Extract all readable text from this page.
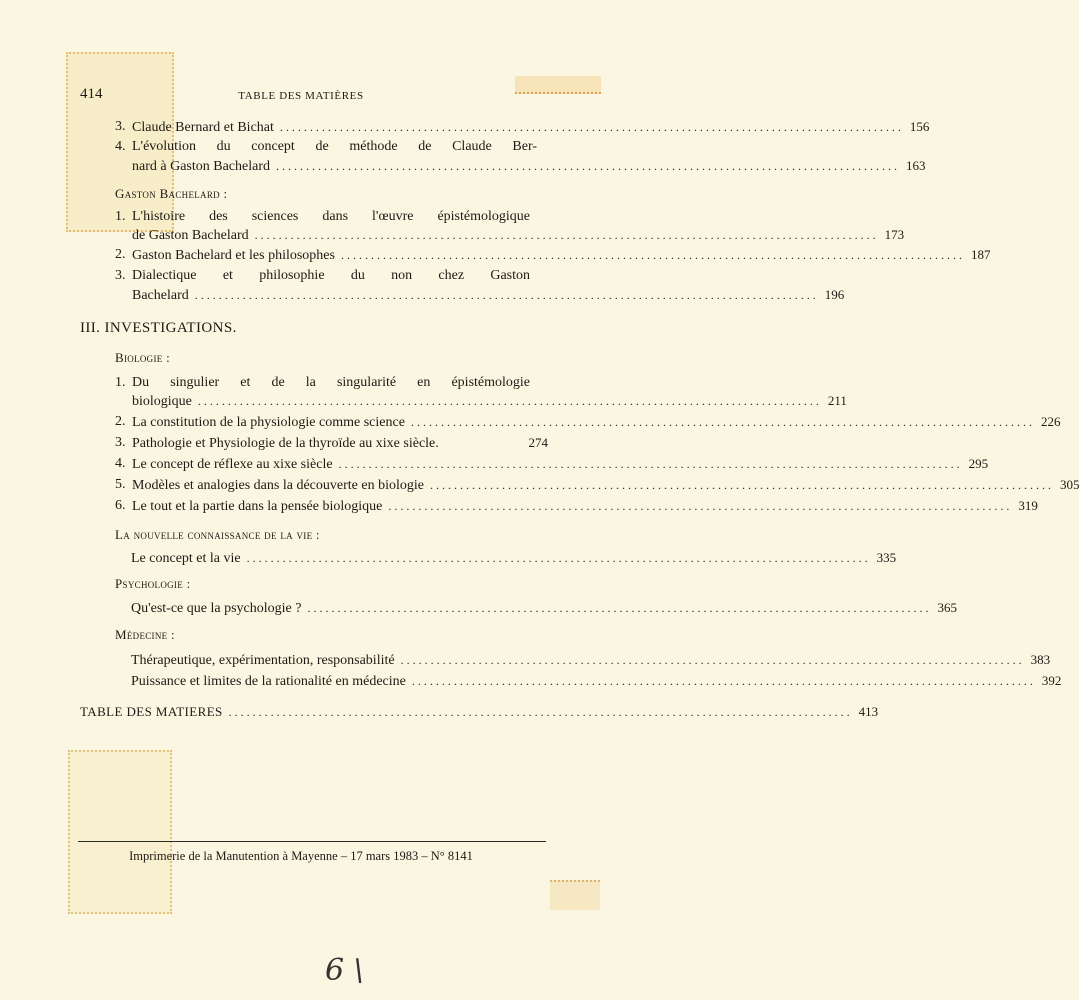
414	TABLE DES MATIÈRES
3. Claude Bernard et Bichat ........................................................................................................ 156
4. L'évolution du concept de méthode de Claude Ber-
nard à Gaston Bachelard ........................................................................................................ 163
Gaston Bachelard :
1. L'histoire des sciences dans l'œuvre épistémologique
de Gaston Bachelard ........................................................................................................ 173
2. Gaston Bachelard et les philosophes ........................................................................................................ 187
3. Dialectique et philosophie du non chez Gaston
Bachelard ........................................................................................................ 196
III. INVESTIGATIONS.
Biologie :
1. Du singulier et de la singularité en épistémologie
biologique ........................................................................................................ 211
2. La constitution de la physiologie comme science ........................................................................................................ 226
3. Pathologie et Physiologie de la thyroïde au xixe siècle.	274
4. Le concept de réflexe au xixe siècle ........................................................................................................ 295
5. Modèles et analogies dans la découverte en biologie ........................................................................................................ 305
6. Le tout et la partie dans la pensée biologique ........................................................................................................ 319
La nouvelle connaissance de la vie :
Le concept et la vie ........................................................................................................ 335
Psychologie :
Qu'est-ce que la psychologie ? ........................................................................................................ 365
Médecine :
Thérapeutique, expérimentation, responsabilité ........................................................................................................ 383
Puissance et limites de la rationalité en médecine ........................................................................................................ 392
TABLE DES MATIERES ........................................................................................................ 413
Imprimerie de la Manutention à Mayenne – 17 mars 1983 – N° 8141
6 \
